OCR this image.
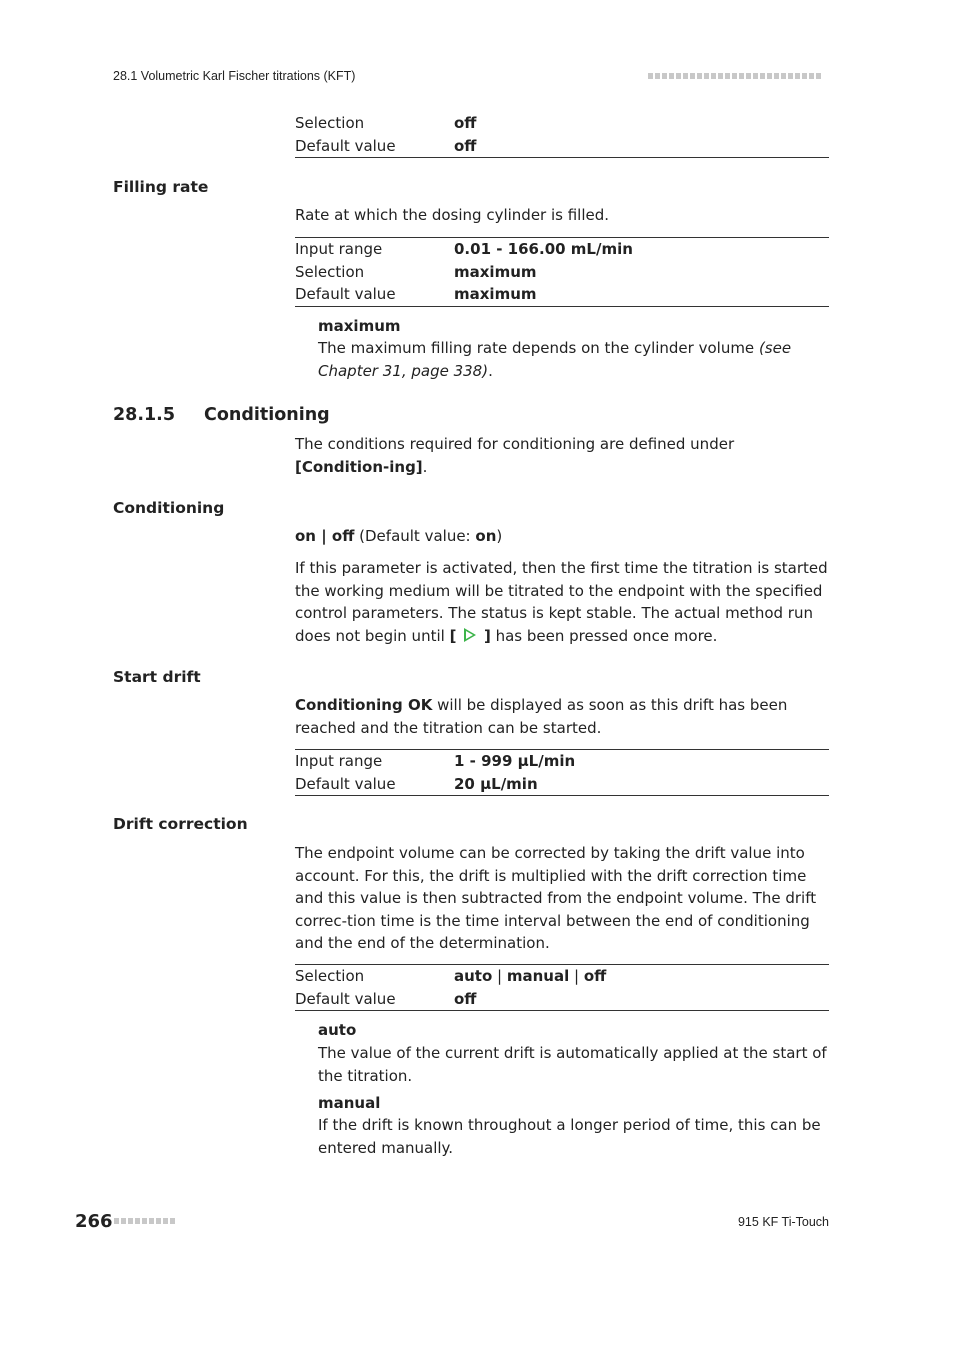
28.1 Volumetric Karl Fischer titrations (KFT)
Selection	off
Default value	off
Filling rate
Rate at which the dosing cylinder is filled.
Input range	0.01 - 166.00 mL/min
Selection	maximum
Default value	maximum
maximum
The maximum filling rate depends on the cylinder volume (see Chapter 31, page 338).
28.1.5 Conditioning
The conditions required for conditioning are defined under [Condition-ing].
Conditioning
on | off (Default value: on)
If this parameter is activated, then the first time the titration is started the working medium will be titrated to the endpoint with the specified control parameters. The status is kept stable. The actual method run does not begin until [ ] has been pressed once more.
Start drift
Conditioning OK will be displayed as soon as this drift has been reached and the titration can be started.
Input range	1 - 999 µL/min
Default value	20 µL/min
Drift correction
The endpoint volume can be corrected by taking the drift value into account. For this, the drift is multiplied with the drift correction time and this value is then subtracted from the endpoint volume. The drift correc-tion time is the time interval between the end of conditioning and the end of the determination.
Selection	auto | manual | off
Default value	off
auto
The value of the current drift is automatically applied at the start of the titration.
manual
If the drift is known throughout a longer period of time, this can be entered manually.
266	915 KF Ti-Touch
